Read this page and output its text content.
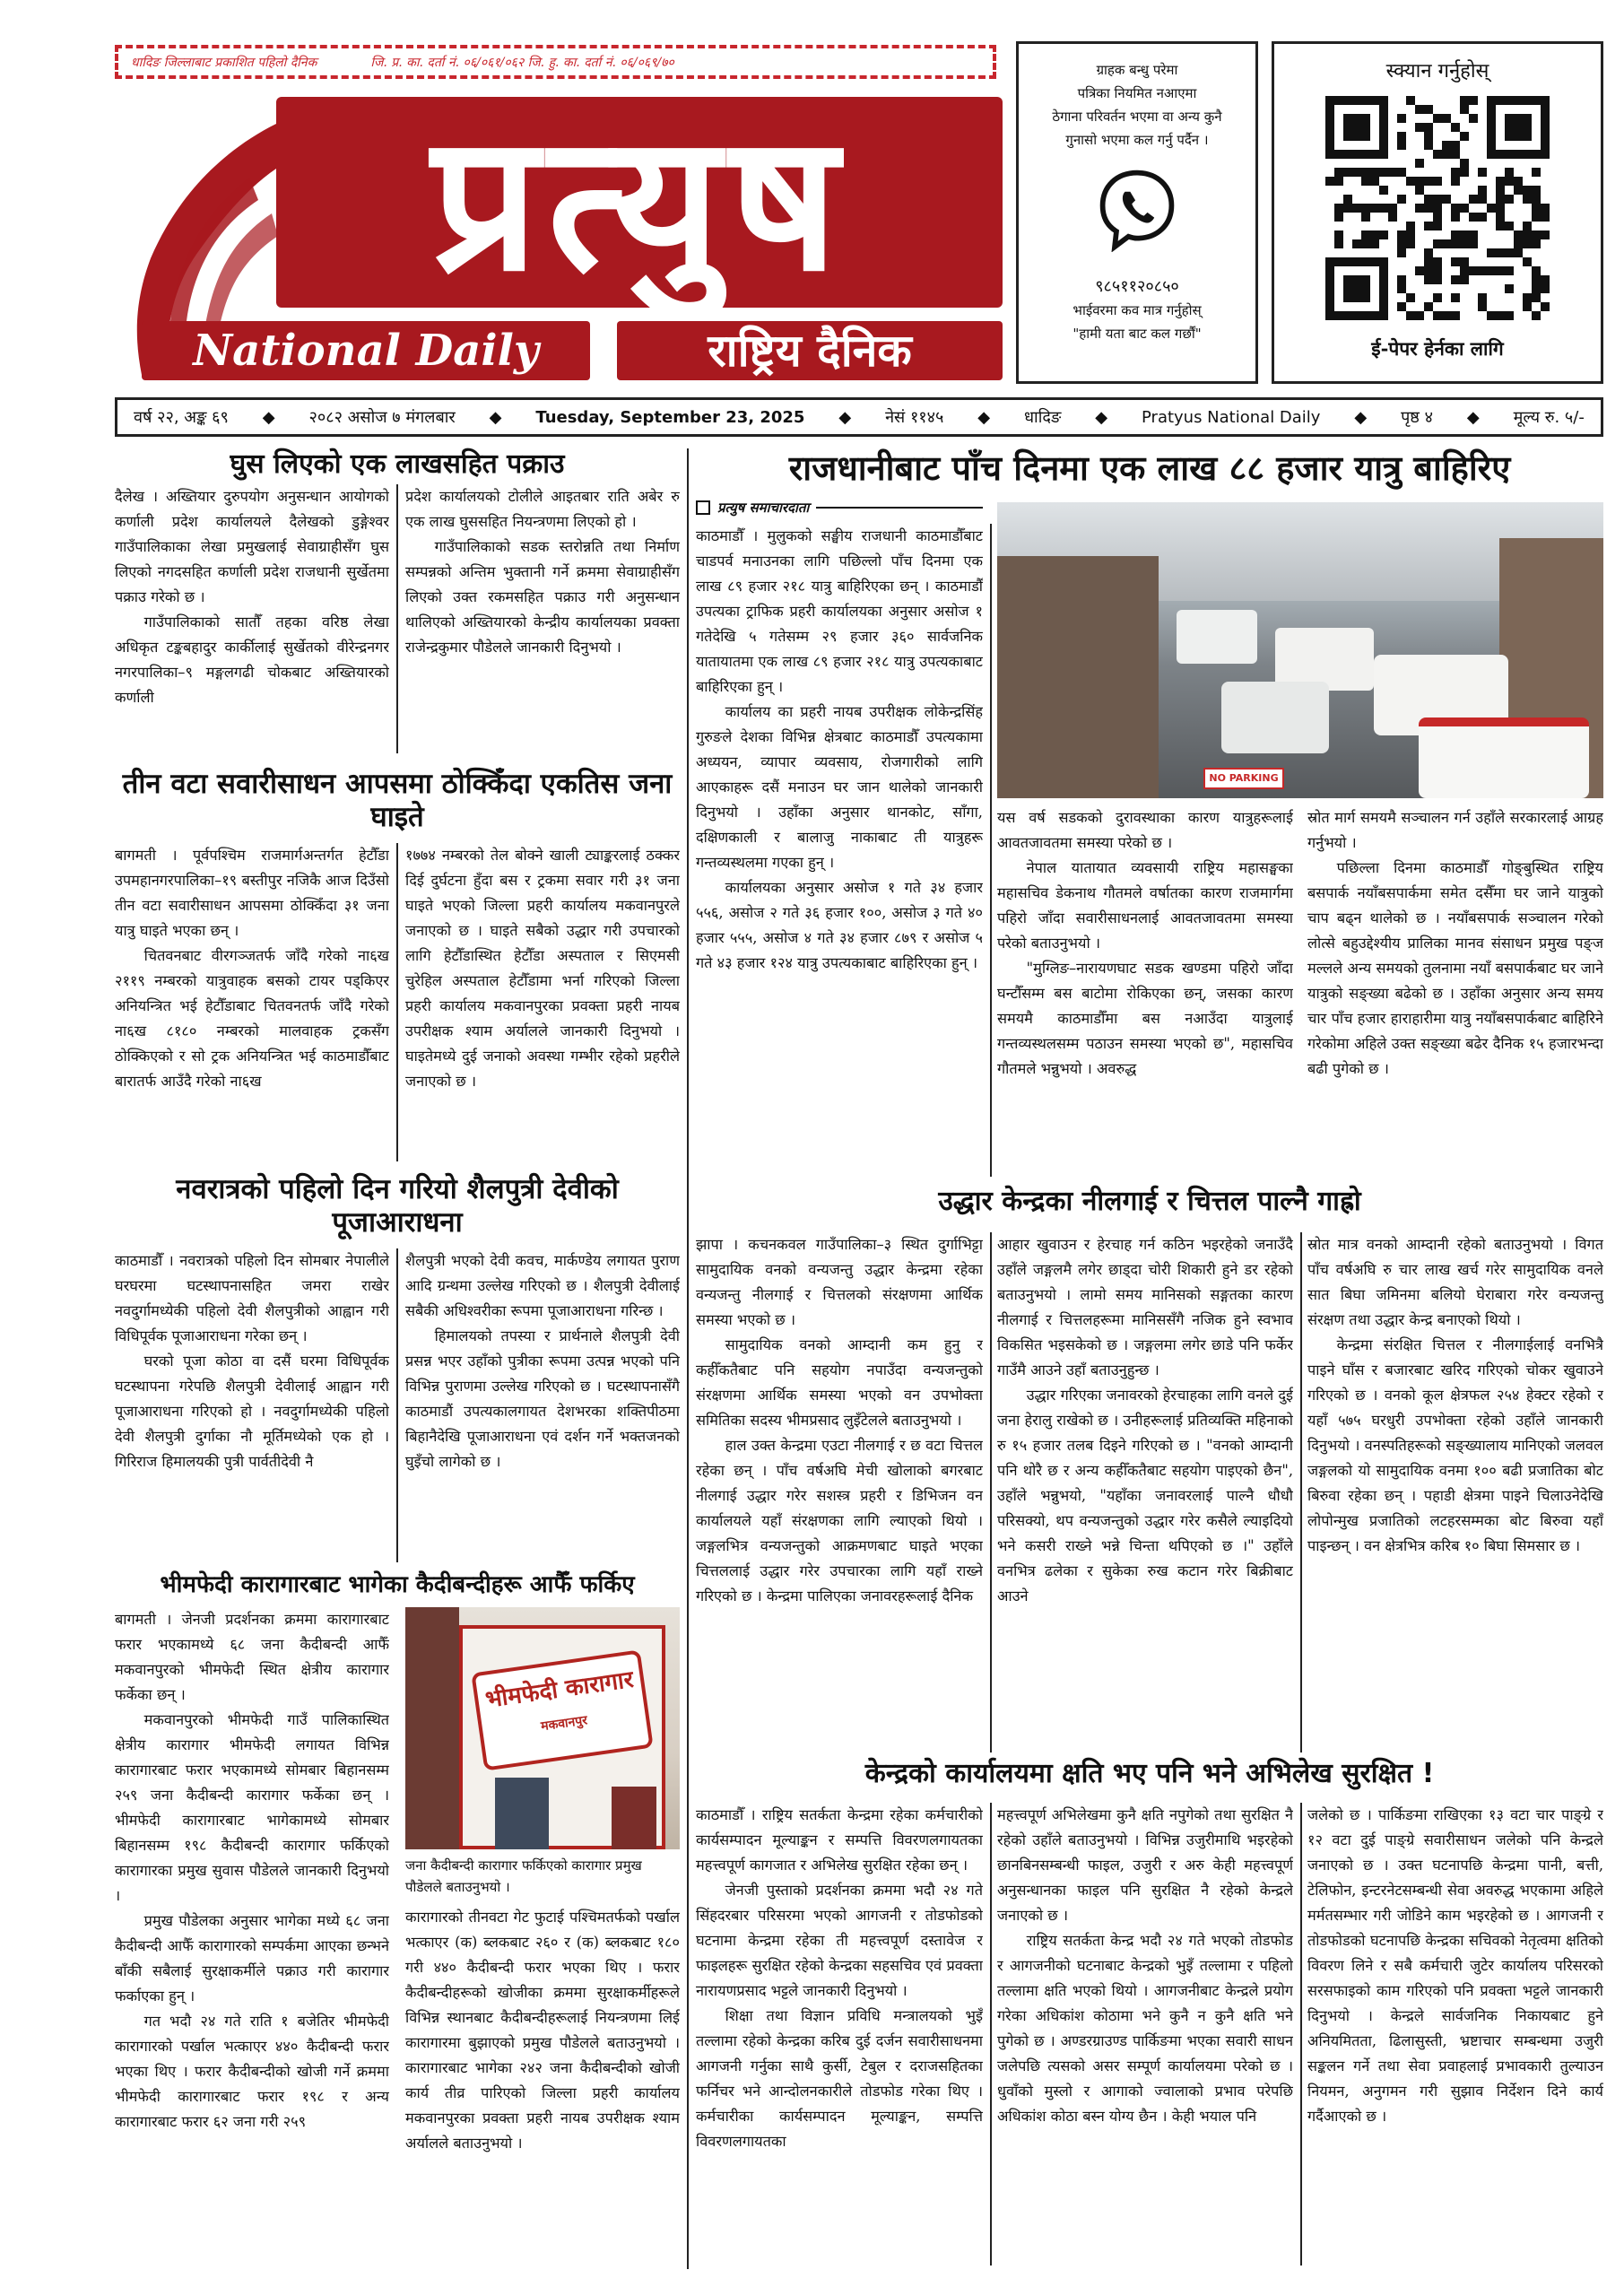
धादिङ जिल्लाबाट प्रकाशित पहिलो दैनिक	जि. प्र. का. दर्ता नं. ०६/०६१/०६२ जि. हु. का. दर्ता नं. ०६/०६९/७०
प्रत्युष
National Daily	राष्ट्रिय दैनिक
ग्राहक बन्धु परेमा
पत्रिका नियमित नआएमा
ठेगाना परिवर्तन भएमा वा अन्य कुनै
गुनासो भएमा कल गर्नु पर्दैन ।
९८५११२०८५०
भाईवरमा कव मात्र गर्नुहोस्
"हामी यता बाट कल गर्छौं"
स्क्यान गर्नुहोस्
ई-पेपर हेर्नका लागि
वर्ष २२, अङ्क ६९ ◆ २०८२ असोज ७ मंगलबार ◆ Tuesday, September 23, 2025 ◆ नेसं ११४५ ◆ धादिङ ◆ Pratyus National Daily ◆ पृष्ठ ४ ◆ मूल्य रु. ५/-
घुस लिएको एक लाखसहित पक्राउ

दैलेख । अख्तियार दुरुपयोग अनुसन्धान आयोगको कर्णाली प्रदेश कार्यालयले दैलेखको डुङ्गेश्वर गाउँपालिकाका लेखा प्रमुखलाई सेवाग्राहीसँग घुस लिएको नगदसहित कर्णाली प्रदेश राजधानी सुर्खेतमा पक्राउ गरेको छ ।

गाउँपालिकाको सातौँ तहका वरिष्ठ लेखा अधिकृत टङ्कबहादुर कार्कीलाई सुर्खेतको वीरेन्द्रनगर नगरपालिका–९ मङ्गलगढी चोकबाट अख्तियारको कर्णाली

प्रदेश कार्यालयको टोलीले आइतबार राति अबेर रु एक लाख घुससहित नियन्त्रणमा लिएको हो ।

गाउँपालिकाको सडक स्तरोन्नति तथा निर्माण सम्पन्नको अन्तिम भुक्तानी गर्ने क्रममा सेवाग्राहीसँग लिएको उक्त रकमसहित पक्राउ गरी अनुसन्धान थालिएको अख्तियारको केन्द्रीय कार्यालयका प्रवक्ता राजेन्द्रकुमार पौडेलले जानकारी दिनुभयो ।

तीन वटा सवारीसाधन आपसमा ठोक्किँदा एकतिस जना घाइते

बागमती । पूर्वपश्चिम राजमार्गअन्तर्गत हेटौँडा उपमहानगरपालिका–१९ बस्तीपुर नजिकै आज दिउँसो तीन वटा सवारीसाधन आपसमा ठोक्किँदा ३१ जना यात्रु घाइते भएका छन् ।

चितवनबाट वीरगञ्जतर्फ जाँदै गरेको ना६ख २११९ नम्बरको यात्रुवाहक बसको टायर पड्किएर अनियन्त्रित भई हेटौँडाबाट चितवनतर्फ जाँदै गरेको ना६ख ८१८० नम्बरको मालवाहक ट्रकसँग ठोक्किएको र सो ट्रक अनियन्त्रित भई काठमाडौँबाट बारातर्फ आउँदै गरेको ना६ख

१७७४ नम्बरको तेल बोक्ने खाली ट्याङ्करलाई ठक्कर दिई दुर्घटना हुँदा बस र ट्रकमा सवार गरी ३१ जना घाइते भएको जिल्ला प्रहरी कार्यालय मकवानपुरले जनाएको छ । घाइते सबैको उद्धार गरी उपचारको लागि हेटौँडास्थित हेटौँडा अस्पताल र सिएमसी चुरेहिल अस्पताल हेटौँडामा भर्ना गरिएको जिल्ला प्रहरी कार्यालय मकवानपुरका प्रवक्ता प्रहरी नायब उपरीक्षक श्याम अर्यालले जानकारी दिनुभयो । घाइतेमध्ये दुई जनाको अवस्था गम्भीर रहेको प्रहरीले जनाएको छ ।

नवरात्रको पहिलो दिन गरियो शैलपुत्री देवीको पूजाआराधना

काठमाडौँ । नवरात्रको पहिलो दिन सोमबार नेपालीले घरघरमा घटस्थापनासहित जमरा राखेर नवदुर्गामध्येकी पहिलो देवी शैलपुत्रीको आह्वान गरी विधिपूर्वक पूजाआराधना गरेका छन् ।

घरको पूजा कोठा वा दसैं घरमा विधिपूर्वक घटस्थापना गरेपछि शैलपुत्री देवीलाई आह्वान गरी पूजाआराधना गरिएको हो । नवदुर्गामध्येकी पहिलो देवी शैलपुत्री दुर्गाका नौ मूर्तिमध्येको एक हो । गिरिराज हिमालयकी पुत्री पार्वतीदेवी नै

शैलपुत्री भएको देवी कवच, मार्कण्डेय लगायत पुराण आदि ग्रन्थमा उल्लेख गरिएको छ । शैलपुत्री देवीलाई सबैकी अधिश्वरीका रूपमा पूजाआराधना गरिन्छ ।

हिमालयको तपस्या र प्रार्थनाले शैलपुत्री देवी प्रसन्न भएर उहाँको पुत्रीका रूपमा उत्पन्न भएको पनि विभिन्न पुराणमा उल्लेख गरिएको छ । घटस्थापनासँगै काठमाडौं उपत्यकालगायत देशभरका शक्तिपीठमा बिहानैदेखि पूजाआराधना एवं दर्शन गर्ने भक्तजनको घुइँचो लागेको छ ।

भीमफेदी कारागारबाट भागेका कैदीबन्दीहरू आफैँ फर्किए

बागमती । जेनजी प्रदर्शनका क्रममा कारागारबाट फरार भएकामध्ये ६८ जना कैदीबन्दी आफैँ मकवानपुरको भीमफेदी स्थित क्षेत्रीय कारागार फर्केका छन् ।

मकवानपुरको भीमफेदी गाउँ पालिकास्थित क्षेत्रीय कारागार भीमफेदी लगायत विभिन्न कारागारबाट फरार भएकामध्ये सोमबार बिहानसम्म २५९ जना कैदीबन्दी कारागार फर्केका छन् । भीमफेदी कारागारबाट भागेकामध्ये सोमबार बिहानसम्म १९८ कैदीबन्दी कारागार फर्किएको कारागारका प्रमुख सुवास पौडेलले जानकारी दिनुभयो ।

प्रमुख पौडेलका अनुसार भागेका मध्ये ६८ जना कैदीबन्दी आफैँ कारागारको सम्पर्कमा आएका छन्भने बाँकी सबैलाई सुरक्षाकर्मीले पक्राउ गरी कारागार फर्काएका हुन् ।

गत भदौ २४ गते राति १ बजेतिर भीमफेदी कारागारको पर्खाल भत्काएर ४४० कैदीबन्दी फरार भएका थिए । फरार कैदीबन्दीको खोजी गर्ने क्रममा भीमफेदी कारागारबाट फरार १९८ र अन्य कारागारबाट फरार ६२ जना गरी २५९

भीमफेदी कारागार
मकवानपुर
जना कैदीबन्दी कारागार फर्किएको कारागार प्रमुख पौडेलले बताउनुभयो ।

कारागारको तीनवटा गेट फुटाई पश्चिमतर्फको पर्खाल भत्काएर (क) ब्लकबाट २६० र (क) ब्लकबाट १८० गरी ४४० कैदीबन्दी फरार भएका थिए । फरार कैदीबन्दीहरूको खोजीका क्रममा सुरक्षाकर्मीहरूले विभिन्न स्थानबाट कैदीबन्दीहरूलाई नियन्त्रणमा लिई कारागारमा बुझाएको प्रमुख पौडेलले बताउनुभयो । कारागारबाट भागेका २४२ जना कैदीबन्दीको खोजी कार्य तीव्र पारिएको जिल्ला प्रहरी कार्यालय मकवानपुरका प्रवक्ता प्रहरी नायब उपरीक्षक श्याम अर्यालले बताउनुभयो ।

राजधानीबाट पाँच दिनमा एक लाख ८८ हजार यात्रु बाहिरिए
प्रत्युष समाचारदाता

काठमाडौँ । मुलुकको सङ्घीय राजधानी काठमाडौँबाट चाडपर्व मनाउनका लागि पछिल्लो पाँच दिनमा एक लाख ८९ हजार २१८ यात्रु बाहिरिएका छन् । काठमाडौँ उपत्यका ट्राफिक प्रहरी कार्यालयका अनुसार असोज १ गतेदेखि ५ गतेसम्म २९ हजार ३६० सार्वजनिक यातायातमा एक लाख ८९ हजार २१८ यात्रु उपत्यकाबाट बाहिरिएका हुन् ।

कार्यालय का प्रहरी नायब उपरीक्षक लोकेन्द्रसिंह गुरुङले देशका विभिन्न क्षेत्रबाट काठमाडौँ उपत्यकामा अध्ययन, व्यापार व्यवसाय, रोजगारीको लागि आएकाहरू दसैं मनाउन घर जान थालेको जानकारी दिनुभयो । उहाँका अनुसार थानकोट, साँगा, दक्षिणकाली र बालाजु नाकाबाट ती यात्रुहरू गन्तव्यस्थलमा गएका हुन् ।

कार्यालयका अनुसार असोज १ गते ३४ हजार ५५६, असोज २ गते ३६ हजार १००, असोज ३ गते ४० हजार ५५५, असोज ४ गते ३४ हजार ८७९ र असोज ५ गते ४३ हजार १२४ यात्रु उपत्यकाबाट बाहिरिएका हुन् ।

NO PARKING

यस वर्ष सडकको दुरावस्थाका कारण यात्रुहरूलाई आवतजावतमा समस्या परेको छ ।

नेपाल यातायात व्यवसायी राष्ट्रिय महासङ्घका महासचिव डेकनाथ गौतमले वर्षातका कारण राजमार्गमा पहिरो जाँदा सवारीसाधनलाई आवतजावतमा समस्या परेको बताउनुभयो ।

"मुग्लिङ–नारायणघाट सडक खण्डमा पहिरो जाँदा घन्टौँसम्म बस बाटोमा रोकिएका छन्, जसका कारण समयमै काठमाडौँमा बस नआउँदा यात्रुलाई गन्तव्यस्थलसम्म पठाउन समस्या भएको छ", महासचिव गौतमले भन्नुभयो । अवरुद्ध

स्रोत मार्ग समयमै सञ्चालन गर्न उहाँले सरकारलाई आग्रह गर्नुभयो ।

पछिल्ला दिनमा काठमाडौँ गोङ्बुस्थित राष्ट्रिय बसपार्क नयाँबसपार्कमा समेत दसैँमा घर जाने यात्रुको चाप बढ्न थालेको छ । नयाँबसपार्क सञ्चालन गरेको लोत्से बहुउद्देश्यीय प्रालिका मानव संसाधन प्रमुख पङ्ज मल्लले अन्य समयको तुलनामा नयाँ बसपार्कबाट घर जाने यात्रुको सङ्ख्या बढेको छ । उहाँका अनुसार अन्य समय चार पाँच हजार हाराहारीमा यात्रु नयाँबसपार्कबाट बाहिरिने गरेकोमा अहिले उक्त सङ्ख्या बढेर दैनिक १५ हजारभन्दा बढी पुगेको छ ।

उद्धार केन्द्रका नीलगाई र चित्तल पाल्नै गाह्रो

झापा । कचनकवल गाउँपालिका–३ स्थित दुर्गाभिट्टा सामुदायिक वनको वन्यजन्तु उद्धार केन्द्रमा रहेका वन्यजन्तु नीलगाई र चित्तलको संरक्षणमा आर्थिक समस्या भएको छ ।

सामुदायिक वनको आम्दानी कम हुनु र कहीँकतैबाट पनि सहयोग नपाउँदा वन्यजन्तुको संरक्षणमा आर्थिक समस्या भएको वन उपभोक्ता समितिका सदस्य भीमप्रसाद लुइँटेलले बताउनुभयो ।

हाल उक्त केन्द्रमा एउटा नीलगाई र छ वटा चित्तल रहेका छन् । पाँच वर्षअघि मेची खोलाको बगरबाट नीलगाई उद्धार गरेर सशस्त्र प्रहरी र डिभिजन वन कार्यालयले यहाँ संरक्षणका लागि ल्याएको थियो । जङ्गलभित्र वन्यजन्तुको आक्रमणबाट घाइते भएका चित्तललाई उद्धार गरेर उपचारका लागि यहाँ राख्ने गरिएको छ । केन्द्रमा पालिएका जनावरहरूलाई दैनिक

आहार खुवाउन र हेरचाह गर्न कठिन भइरहेको जनाउँदै उहाँले जङ्गलमै लगेर छाड्दा चोरी शिकारी हुने डर रहेको बताउनुभयो । लामो समय मानिसको सङ्गतका कारण नीलगाई र चित्तलहरूमा मानिससँगै नजिक हुने स्वभाव विकसित भइसकेको छ । जङ्गलमा लगेर छाडे पनि फर्केर गाउँमै आउने उहाँ बताउनुहुन्छ ।

उद्धार गरिएका जनावरको हेरचाहका लागि वनले दुई जना हेरालु राखेको छ । उनीहरूलाई प्रतिव्यक्ति महिनाको रु १५ हजार तलब दिइने गरिएको छ । "वनको आम्दानी पनि थोरै छ र अन्य कहीँकतैबाट सहयोग पाइएको छैन", उहाँले भन्नुभयो, "यहाँका जनावरलाई पाल्नै धौधौ परिसक्यो, थप वन्यजन्तुको उद्धार गरेर कसैले ल्याइदियो भने कसरी राख्ने भन्ने चिन्ता थपिएको छ ।" उहाँले वनभित्र ढलेका र सुकेका रुख कटान गरेर बिक्रीबाट आउने

स्रोत मात्र वनको आम्दानी रहेको बताउनुभयो । विगत पाँच वर्षअघि रु चार लाख खर्च गरेर सामुदायिक वनले सात बिघा जमिनमा बलियो घेराबारा गरेर वन्यजन्तु संरक्षण तथा उद्धार केन्द्र बनाएको थियो ।

केन्द्रमा संरक्षित चित्तल र नीलगाईलाई वनभित्रै पाइने घाँस र बजारबाट खरिद गरिएको चोकर खुवाउने गरिएको छ । वनको कूल क्षेत्रफल २५४ हेक्टर रहेको र यहाँ ५७५ घरधुरी उपभोक्ता रहेको उहाँले जानकारी दिनुभयो । वनस्पतिहरूको सङ्ख्यालाय मानिएको जलवल जङ्गलको यो सामुदायिक वनमा १०० बढी प्रजातिका बोट बिरुवा रहेका छन् । पहाडी क्षेत्रमा पाइने चिलाउनेदेखि लोपोन्मुख प्रजातिको लटहरसम्मका बोट बिरुवा यहाँ पाइन्छन् । वन क्षेत्रभित्र करिब १० बिघा सिमसार छ ।

केन्द्रको कार्यालयमा क्षति भए पनि भने अभिलेख सुरक्षित !

काठमाडौँ । राष्ट्रिय सतर्कता केन्द्रमा रहेका कर्मचारीको कार्यसम्पादन मूल्याङ्कन र सम्पत्ति विवरणलगायतका महत्त्वपूर्ण कागजात र अभिलेख सुरक्षित रहेका छन् ।

जेनजी पुस्ताको प्रदर्शनका क्रममा भदौ २४ गते सिंहदरबार परिसरमा भएको आगजनी र तोडफोडको घटनामा केन्द्रमा रहेका ती महत्त्वपूर्ण दस्तावेज र फाइलहरू सुरक्षित रहेको केन्द्रका सहसचिव एवं प्रवक्ता नारायणप्रसाद भट्टले जानकारी दिनुभयो ।

शिक्षा तथा विज्ञान प्रविधि मन्त्रालयको भुइँ तल्लामा रहेको केन्द्रका करिब दुई दर्जन सवारीसाधनमा आगजनी गर्नुका साथै कुर्सी, टेबुल र दराजसहितका फर्निचर भने आन्दोलनकारीले तोडफोड गरेका थिए । कर्मचारीका कार्यसम्पादन मूल्याङ्कन, सम्पत्ति विवरणलगायतका

महत्त्वपूर्ण अभिलेखमा कुनै क्षति नपुगेको तथा सुरक्षित नै रहेको उहाँले बताउनुभयो । विभिन्न उजुरीमाथि भइरहेको छानबिनसम्बन्धी फाइल, उजुरी र अरु केही महत्त्वपूर्ण अनुसन्धानका फाइल पनि सुरक्षित नै रहेको केन्द्रले जनाएको छ ।

राष्ट्रिय सतर्कता केन्द्र भदौ २४ गते भएको तोडफोड र आगजनीको घटनाबाट केन्द्रको भुइँ तल्लामा र पहिलो तल्लामा क्षति भएको थियो । आगजनीबाट केन्द्रले प्रयोग गरेका अधिकांश कोठामा भने कुनै न कुनै क्षति भने पुगेको छ । अण्डरग्राउण्ड पार्किङमा भएका सवारी साधन जलेपछि त्यसको असर सम्पूर्ण कार्यालयमा परेको छ । धुवाँको मुस्लो र आगाको ज्वालाको प्रभाव परेपछि अधिकांश कोठा बस्न योग्य छैन । केही भयाल पनि

जलेको छ । पार्किङमा राखिएका १३ वटा चार पाङ्ग्रे र १२ वटा दुई पाङ्ग्रे सवारीसाधन जलेको पनि केन्द्रले जनाएको छ । उक्त घटनापछि केन्द्रमा पानी, बत्ती, टेलिफोन, इन्टरनेटसम्बन्धी सेवा अवरुद्ध भएकामा अहिले मर्मतसम्भार गरी जोडिने काम भइरहेको छ । आगजनी र तोडफोडको घटनापछि केन्द्रका सचिवको नेतृत्वमा क्षतिको विवरण लिने र सबै कर्मचारी जुटेर कार्यालय परिसरको सरसफाइको काम गरिएको पनि प्रवक्ता भट्टले जानकारी दिनुभयो । केन्द्रले सार्वजनिक निकायबाट हुने अनियमितता, ढिलासुस्ती, भ्रष्टाचार सम्बन्धमा उजुरी सङ्कलन गर्ने तथा सेवा प्रवाहलाई प्रभावकारी तुल्याउन नियमन, अनुगमन गरी सुझाव निर्देशन दिने कार्य गर्दैआएको छ ।
